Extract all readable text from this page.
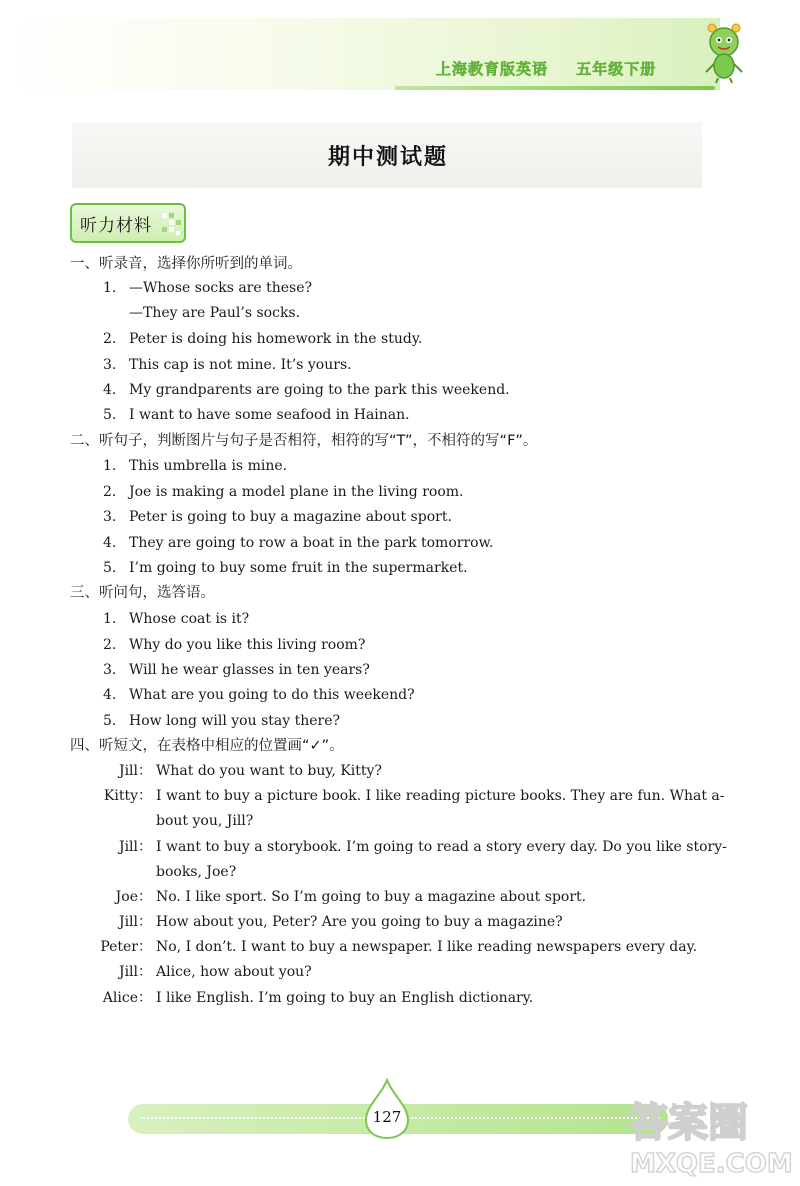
上海教育版英语 五年级下册
期中测试题
听力材料
一、听录音，选择你所听到的单词。
1. —Whose socks are these?
—They are Paul’s socks.
2. Peter is doing his homework in the study.
3. This cap is not mine. It’s yours.
4. My grandparents are going to the park this weekend.
5. I want to have some seafood in Hainan.
二、听句子，判断图片与句子是否相符，相符的写“T”，不相符的写“F”。
1. This umbrella is mine.
2. Joe is making a model plane in the living room.
3. Peter is going to buy a magazine about sport.
4. They are going to row a boat in the park tomorrow.
5. I’m going to buy some fruit in the supermarket.
三、听问句，选答语。
1. Whose coat is it?
2. Why do you like this living room?
3. Will he wear glasses in ten years?
4. What are you going to do this weekend?
5. How long will you stay there?
四、听短文，在表格中相应的位置画“✓”。
Jill： What do you want to buy, Kitty?
Kitty： I want to buy a picture book. I like reading picture books. They are fun. What a-
bout you, Jill?
Jill： I want to buy a storybook. I’m going to read a story every day. Do you like story-
books, Joe?
Joe： No. I like sport. So I’m going to buy a magazine about sport.
Jill： How about you, Peter? Are you going to buy a magazine?
Peter： No, I don’t. I want to buy a newspaper. I like reading newspapers every day.
Jill： Alice, how about you?
Alice： I like English. I’m going to buy an English dictionary.
127	答案圈
MXQE.COM
